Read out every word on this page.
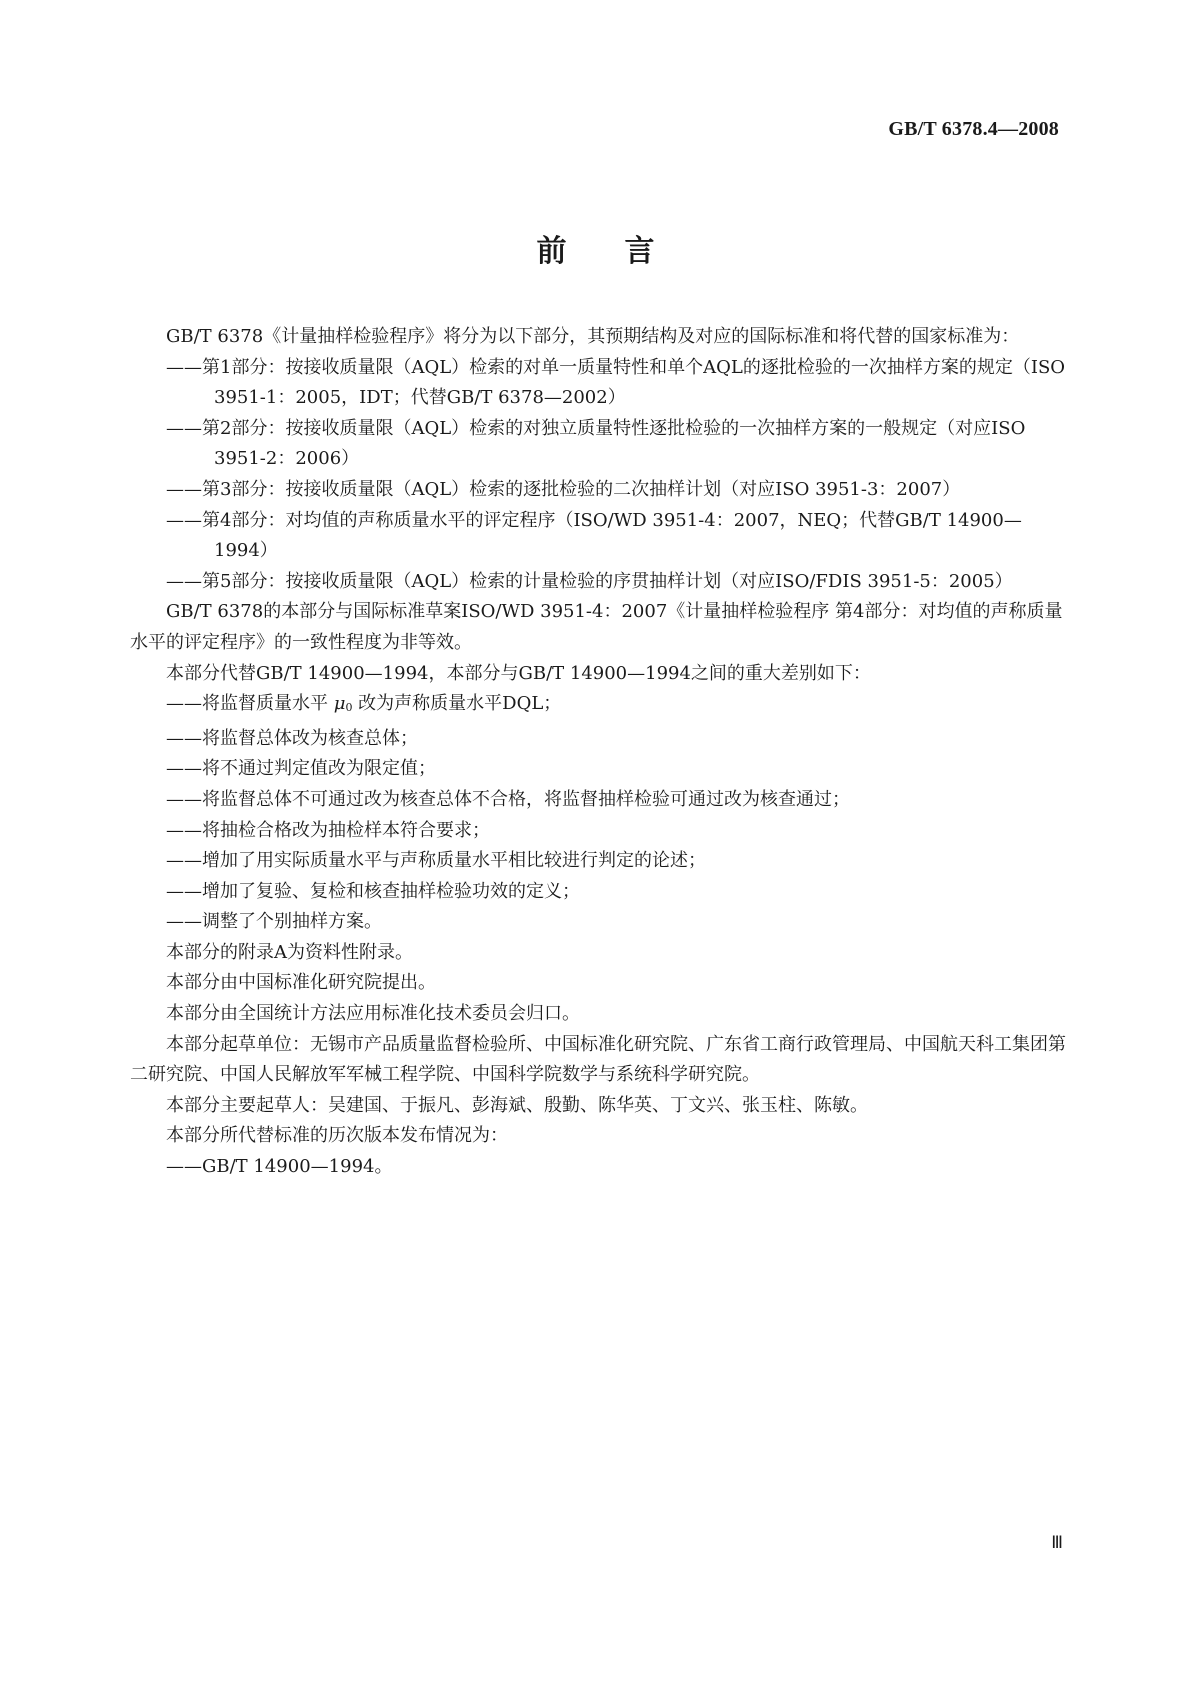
GB/T 6378.4—2008
前言

GB/T 6378《计量抽样检验程序》将分为以下部分，其预期结构及对应的国际标准和将代替的国家标准为：

——第1部分：按接收质量限（AQL）检索的对单一质量特性和单个AQL的逐批检验的一次抽样方案的规定（ISO 3951-1：2005，IDT；代替GB/T 6378—2002）

——第2部分：按接收质量限（AQL）检索的对独立质量特性逐批检验的一次抽样方案的一般规定（对应ISO 3951-2：2006）

——第3部分：按接收质量限（AQL）检索的逐批检验的二次抽样计划（对应ISO 3951-3：2007）

——第4部分：对均值的声称质量水平的评定程序（ISO/WD 3951-4：2007，NEQ；代替GB/T 14900—1994）

——第5部分：按接收质量限（AQL）检索的计量检验的序贯抽样计划（对应ISO/FDIS 3951-5：2005）

GB/T 6378的本部分与国际标准草案ISO/WD 3951-4：2007《计量抽样检验程序 第4部分：对均值的声称质量水平的评定程序》的一致性程度为非等效。

本部分代替GB/T 14900—1994，本部分与GB/T 14900—1994之间的重大差别如下：

——将监督质量水平 μ0 改为声称质量水平DQL；

——将监督总体改为核查总体；

——将不通过判定值改为限定值；

——将监督总体不可通过改为核查总体不合格，将监督抽样检验可通过改为核查通过；

——将抽检合格改为抽检样本符合要求；

——增加了用实际质量水平与声称质量水平相比较进行判定的论述；

——增加了复验、复检和核查抽样检验功效的定义；

——调整了个别抽样方案。

本部分的附录A为资料性附录。

本部分由中国标准化研究院提出。

本部分由全国统计方法应用标准化技术委员会归口。

本部分起草单位：无锡市产品质量监督检验所、中国标准化研究院、广东省工商行政管理局、中国航天科工集团第二研究院、中国人民解放军军械工程学院、中国科学院数学与系统科学研究院。

本部分主要起草人：吴建国、于振凡、彭海斌、殷勤、陈华英、丁文兴、张玉柱、陈敏。

本部分所代替标准的历次版本发布情况为：

——GB/T 14900—1994。

Ⅲ
